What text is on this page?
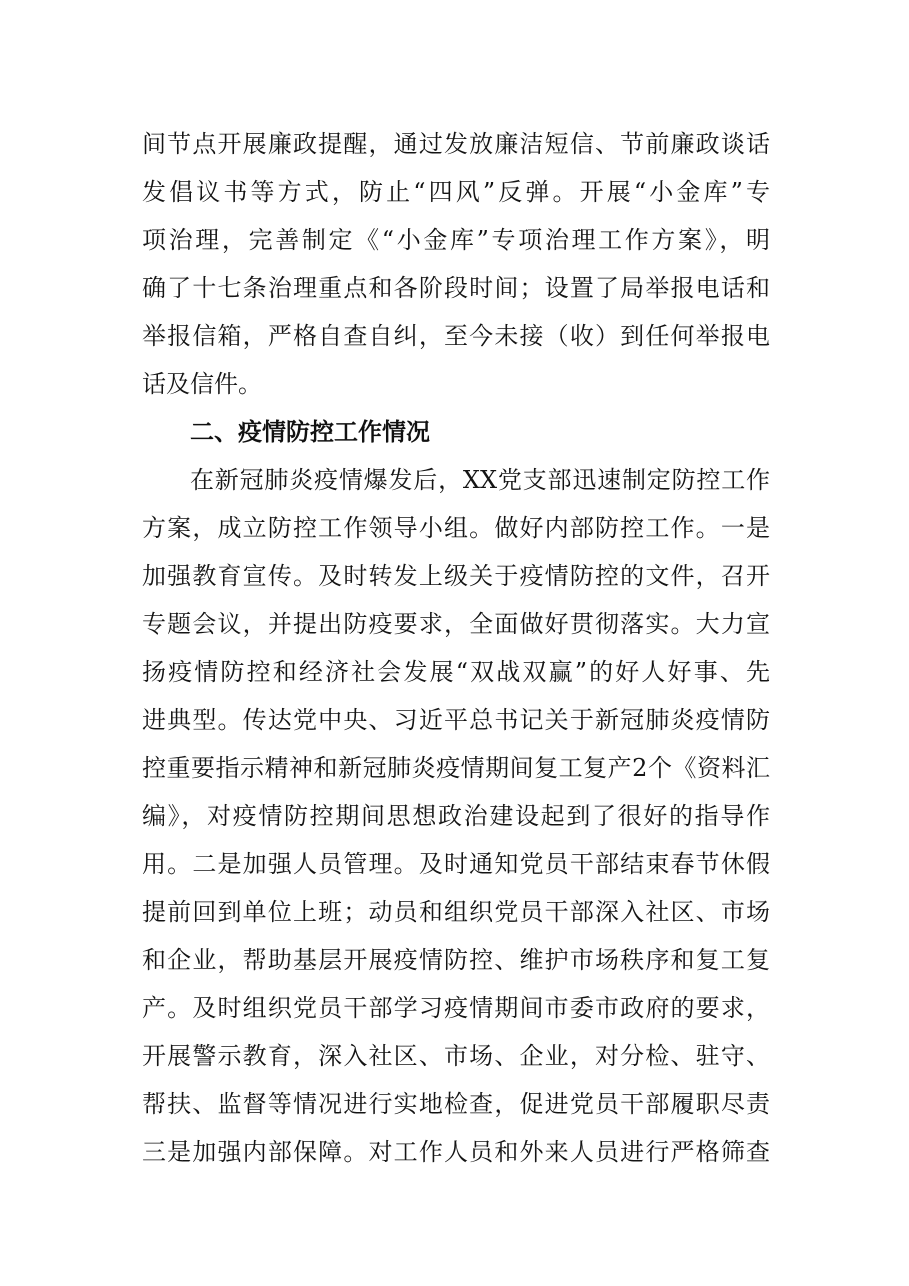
间节点开展廉政提醒，通过发放廉洁短信、节前廉政谈话
发倡议书等方式，防止“四风”反弹。开展“小金库”专
项治理，完善制定《“小金库”专项治理工作方案》，明
确了十七条治理重点和各阶段时间；设置了局举报电话和
举报信箱，严格自查自纠，至今未接（收）到任何举报电
话及信件。
二、疫情防控工作情况
在新冠肺炎疫情爆发后，XX党支部迅速制定防控工作
方案，成立防控工作领导小组。做好内部防控工作。一是
加强教育宣传。及时转发上级关于疫情防控的文件，召开
专题会议，并提出防疫要求，全面做好贯彻落实。大力宣
扬疫情防控和经济社会发展“双战双赢”的好人好事、先
进典型。传达党中央、习近平总书记关于新冠肺炎疫情防
控重要指示精神和新冠肺炎疫情期间复工复产2个《资料汇
编》，对疫情防控期间思想政治建设起到了很好的指导作
用。二是加强人员管理。及时通知党员干部结束春节休假
提前回到单位上班；动员和组织党员干部深入社区、市场
和企业，帮助基层开展疫情防控、维护市场秩序和复工复
产。及时组织党员干部学习疫情期间市委市政府的要求，
开展警示教育，深入社区、市场、企业，对分检、驻守、
帮扶、监督等情况进行实地检查，促进党员干部履职尽责
三是加强内部保障。对工作人员和外来人员进行严格筛查
